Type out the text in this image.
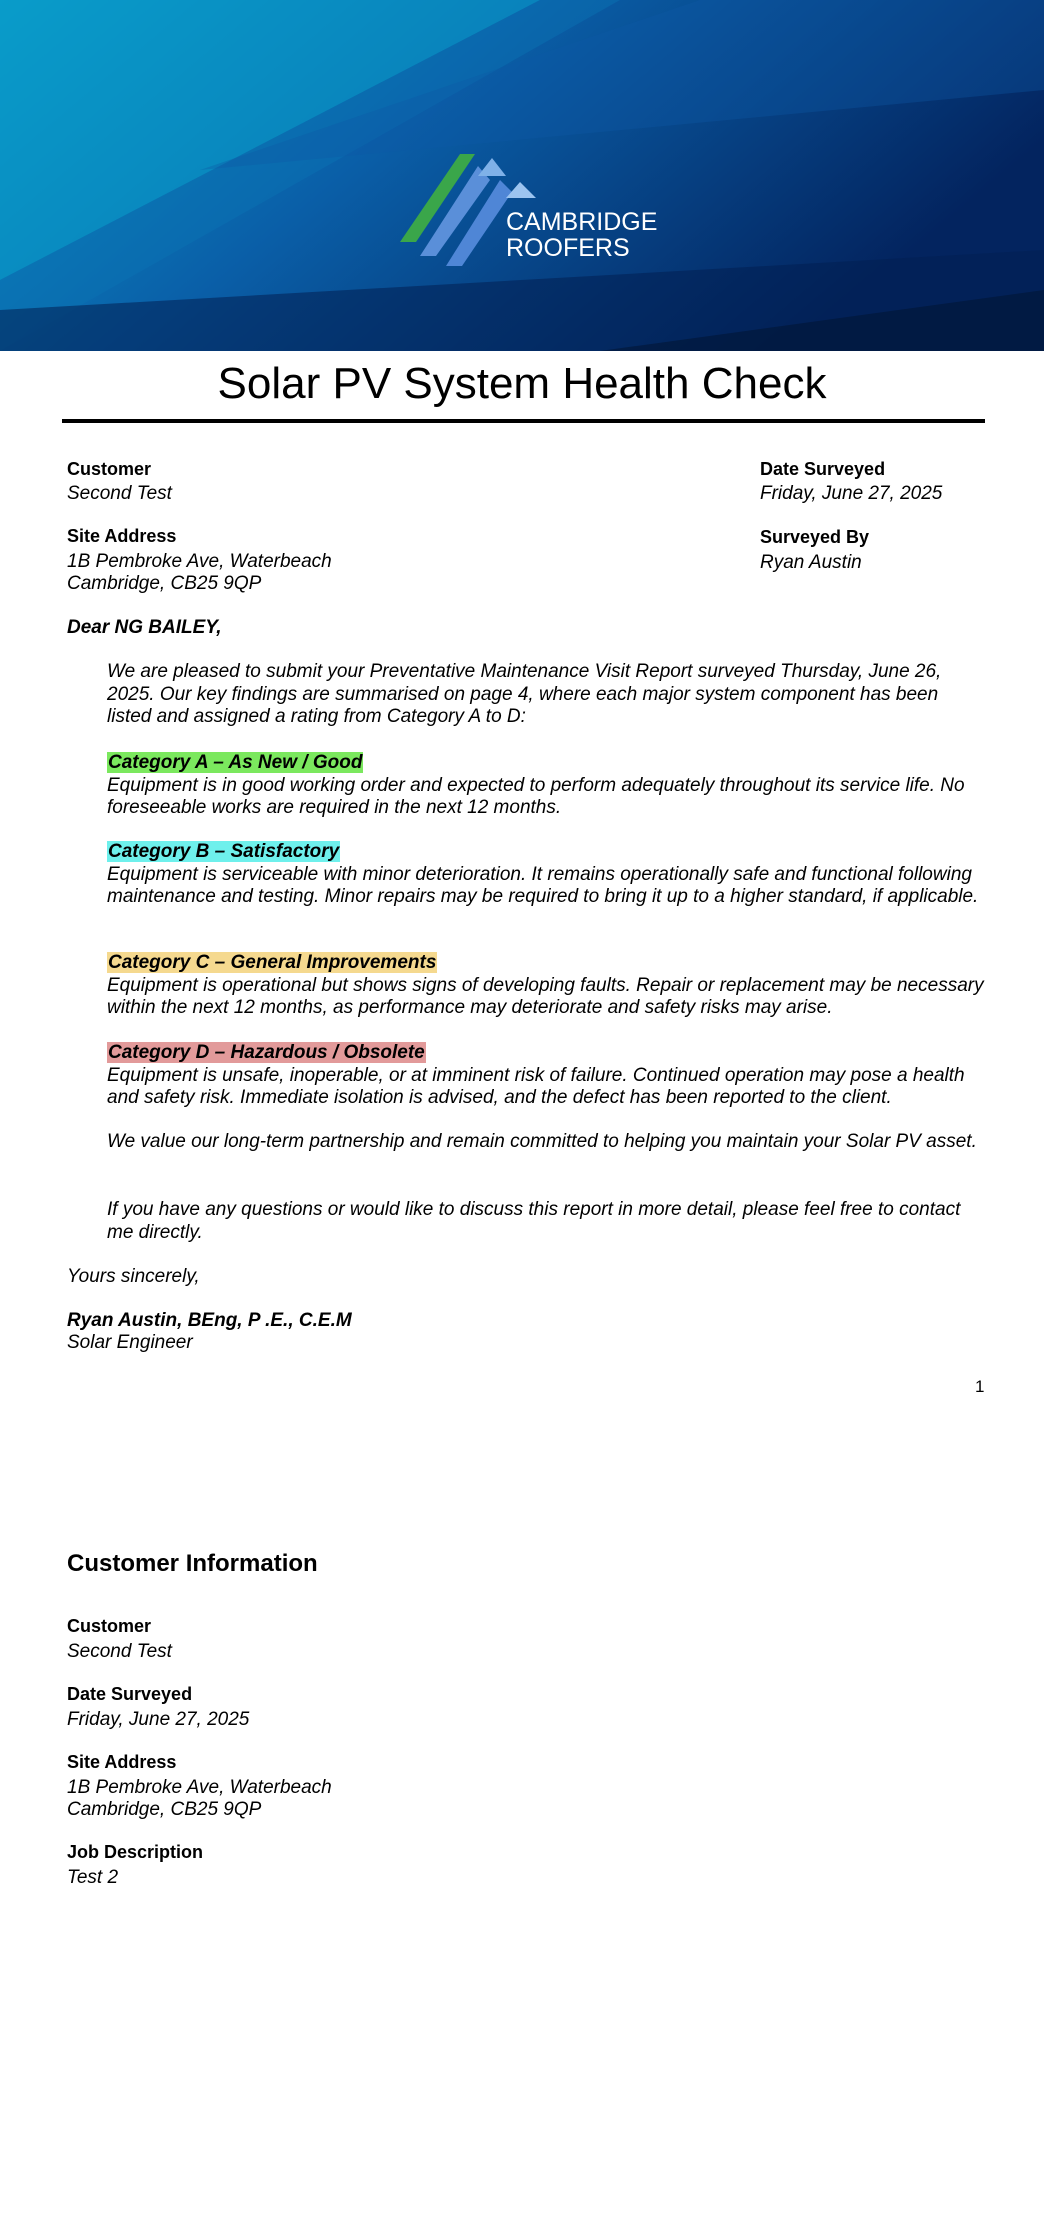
CAMBRIDGE
ROOFERS
Solar PV System Health Check
Customer
Second Test
Site Address
1B Pembroke Ave, Waterbeach
Cambridge, CB25 9QP
Date Surveyed
Friday, June 27, 2025
Surveyed By
Ryan Austin
Dear NG BAILEY,
We are pleased to submit your Preventative Maintenance Visit Report surveyed Thursday, June 26, 2025. Our key findings are summarised on page 4, where each major system component has been listed and assigned a rating from Category A to D:
Category A – As New / Good
Equipment is in good working order and expected to perform adequately throughout its service life. No foreseeable works are required in the next 12 months.
Category B – Satisfactory
Equipment is serviceable with minor deterioration. It remains operationally safe and functional following maintenance and testing. Minor repairs may be required to bring it up to a higher standard, if applicable.
Category C – General Improvements
Equipment is operational but shows signs of developing faults. Repair or replacement may be necessary within the next 12 months, as performance may deteriorate and safety risks may arise.
Category D – Hazardous / Obsolete
Equipment is unsafe, inoperable, or at imminent risk of failure. Continued operation may pose a health and safety risk. Immediate isolation is advised, and the defect has been reported to the client.
We value our long-term partnership and remain committed to helping you maintain your Solar PV asset.
If you have any questions or would like to discuss this report in more detail, please feel free to contact me directly.
Yours sincerely,
Ryan Austin, BEng, P .E., C.E.M
Solar Engineer
1
Customer Information
Customer
Second Test
Date Surveyed
Friday, June 27, 2025
Site Address
1B Pembroke Ave, Waterbeach
Cambridge, CB25 9QP
Job Description
Test 2
